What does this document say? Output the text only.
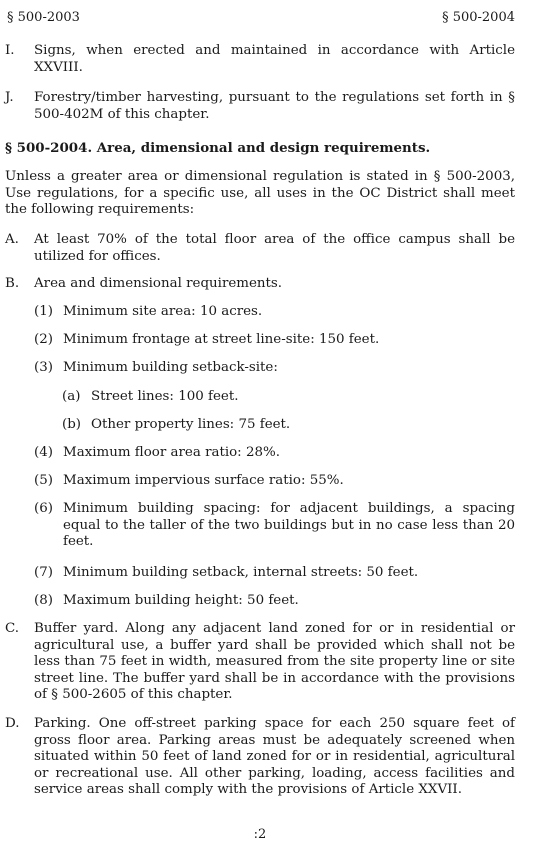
§ 500-2003	§ 500-2004
I. Signs, when erected and maintained in accordance with Article XXVIII.
J. Forestry/timber harvesting, pursuant to the regulations set forth in § 500-402M of this chapter.
§ 500-2004. Area, dimensional and design requirements.
Unless a greater area or dimensional regulation is stated in § 500-2003, Use regulations, for a specific use, all uses in the OC District shall meet the following requirements:
A. At least 70% of the total floor area of the office campus shall be utilized for offices.
B. Area and dimensional requirements.
(1) Minimum site area: 10 acres.
(2) Minimum frontage at street line-site: 150 feet.
(3) Minimum building setback-site:
(a) Street lines: 100 feet.
(b) Other property lines: 75 feet.
(4) Maximum floor area ratio: 28%.
(5) Maximum impervious surface ratio: 55%.
(6) Minimum building spacing: for adjacent buildings, a spacing equal to the taller of the two buildings but in no case less than 20 feet.
(7) Minimum building setback, internal streets: 50 feet.
(8) Maximum building height: 50 feet.
C. Buffer yard. Along any adjacent land zoned for or in residential or agricultural use, a buffer yard shall be provided which shall not be less than 75 feet in width, measured from the site property line or site street line. The buffer yard shall be in accordance with the provisions of § 500-2605 of this chapter.
D. Parking. One off-street parking space for each 250 square feet of gross floor area. Parking areas must be adequately screened when situated within 50 feet of land zoned for or in residential, agricultural or recreational use. All other parking, loading, access facilities and service areas shall comply with the provisions of Article XXVII.
:2
